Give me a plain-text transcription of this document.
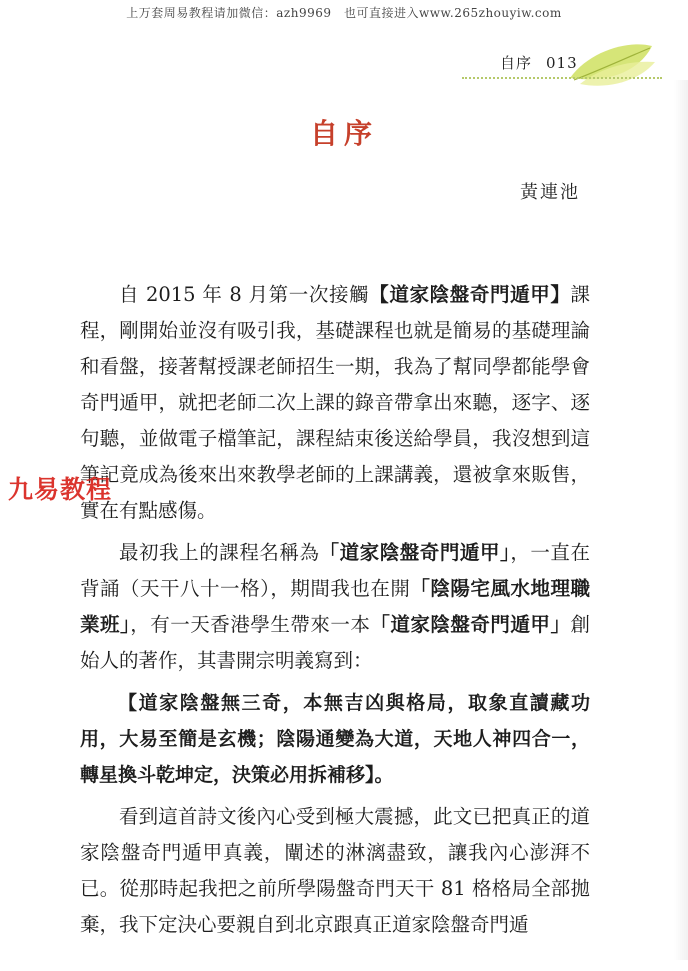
上万套周易教程请加微信：azh9969　也可直接进入www.265zhouyiw.com
自序 013
自序
黃連池

自 2015 年 8 月第一次接觸【道家陰盤奇門遁甲】課程，剛開始並沒有吸引我，基礎課程也就是簡易的基礎理論和看盤，接著幫授課老師招生一期，我為了幫同學都能學會奇門遁甲，就把老師二次上課的錄音帶拿出來聽，逐字、逐句聽，並做電子檔筆記，課程結束後送給學員，我沒想到這筆記竟成為後來出來教學老師的上課講義，還被拿來販售，實在有點感傷。

最初我上的課程名稱為「道家陰盤奇門遁甲」，一直在背誦（天干八十一格），期間我也在開「陰陽宅風水地理職業班」，有一天香港學生帶來一本「道家陰盤奇門遁甲」創始人的著作，其書開宗明義寫到：

【道家陰盤無三奇，本無吉凶與格局，取象直讀藏功用，大易至簡是玄機；陰陽通變為大道，天地人神四合一，轉星換斗乾坤定，決策必用拆補移】。

看到這首詩文後內心受到極大震撼，此文已把真正的道家陰盤奇門遁甲真義，闡述的淋漓盡致，讓我內心澎湃不已。從那時起我把之前所學陽盤奇門天干 81 格格局全部拋棄，我下定決心要親自到北京跟真正道家陰盤奇門遁

九易教程
